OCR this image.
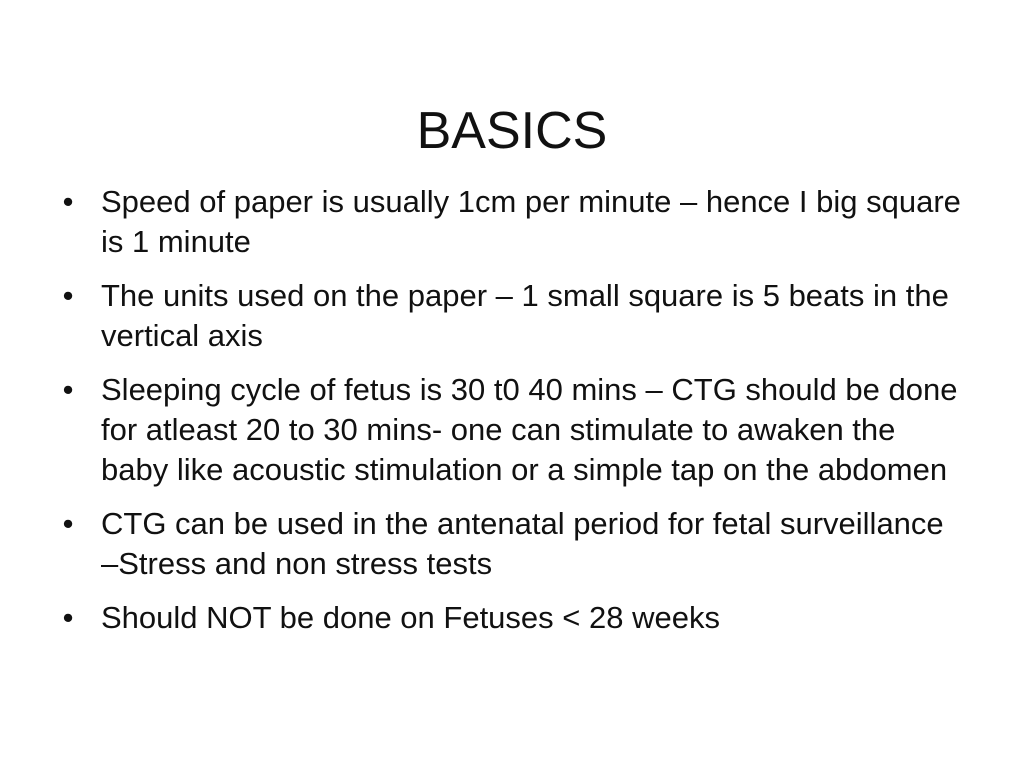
BASICS
• Speed of paper is usually 1cm per minute – hence I big square is 1 minute
• The units used on the paper – 1 small square is 5 beats in the vertical axis
• Sleeping cycle of fetus is 30 t0 40 mins – CTG should be done for atleast 20 to 30 mins- one can stimulate to awaken the baby like acoustic stimulation or a simple tap on the abdomen
• CTG can be used in the antenatal period for fetal surveillance –Stress and non stress tests
• Should NOT be done on Fetuses < 28 weeks
